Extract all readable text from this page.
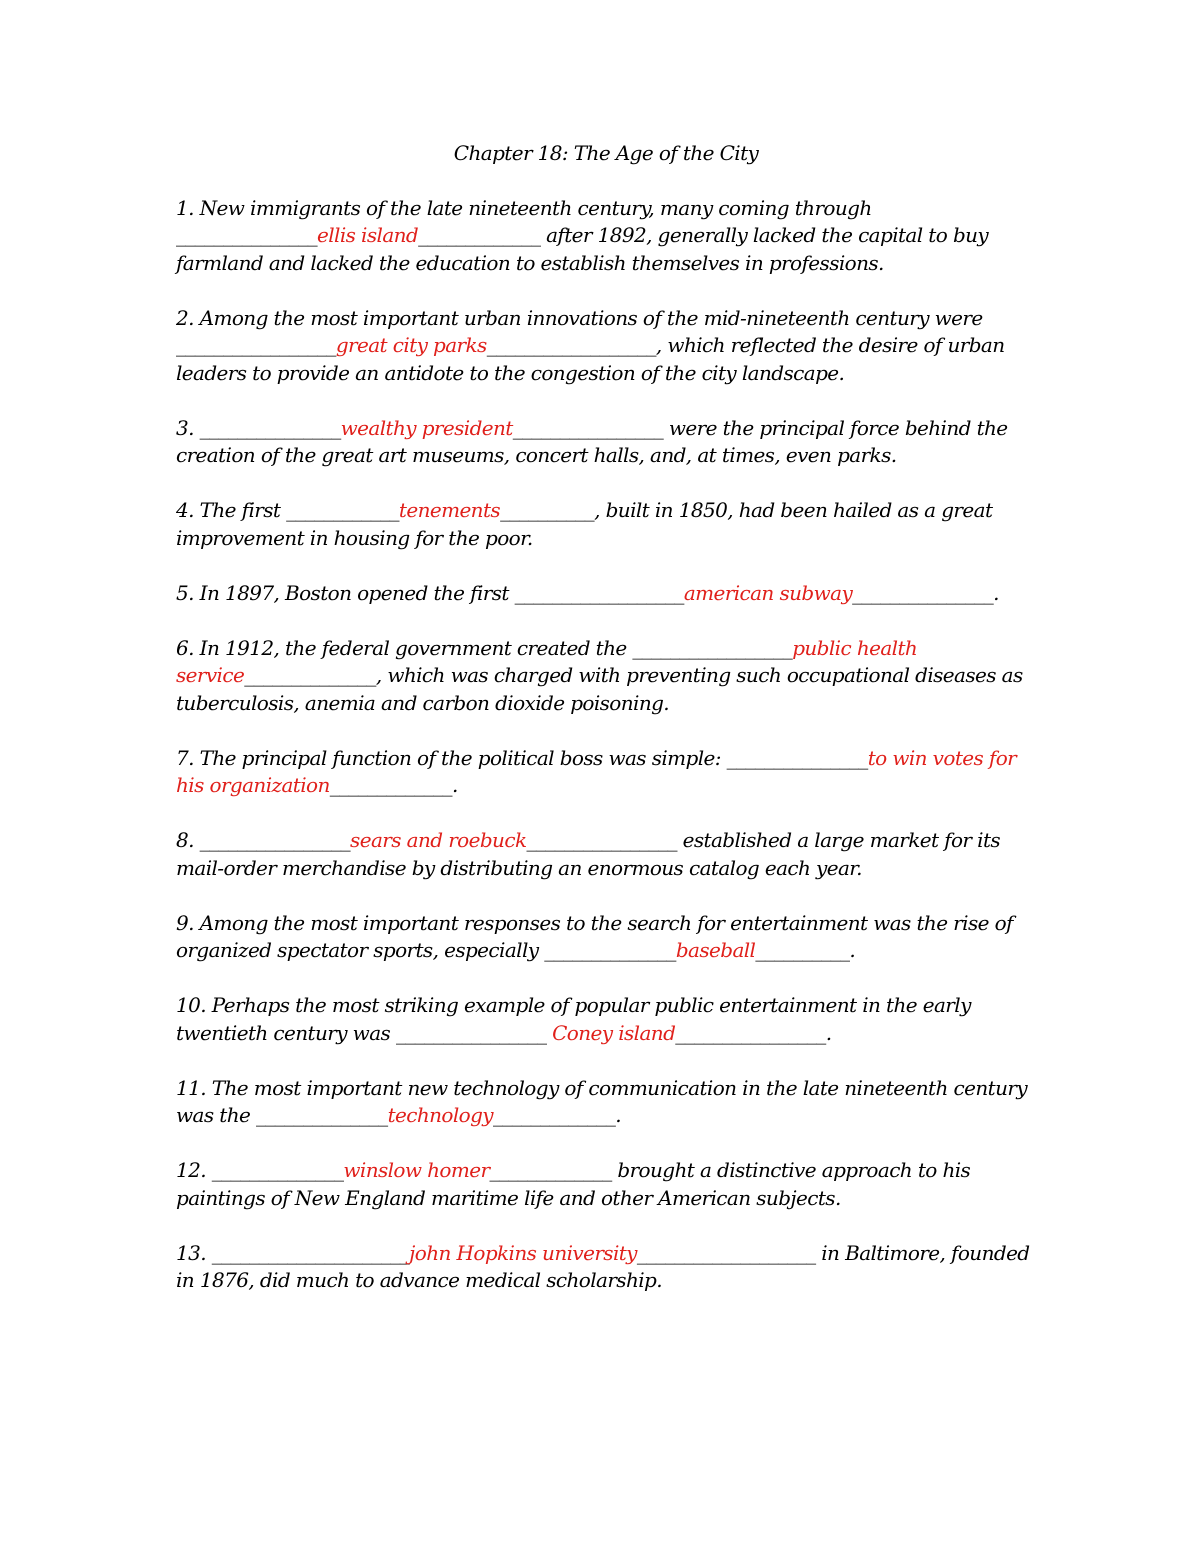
Chapter 18: The Age of the City
1. New immigrants of the late nineteenth century, many coming through _______________ellis island_____________ after 1892, generally lacked the capital to buy farmland and lacked the education to establish themselves in professions.
2. Among the most important urban innovations of the mid-nineteenth century were _________________great city parks__________________, which reflected the desire of urban leaders to provide an antidote to the congestion of the city landscape.
3. _______________wealthy president________________ were the principal force behind the creation of the great art museums, concert halls, and, at times, even parks.
4. The first ____________tenements__________, built in 1850, had been hailed as a great improvement in housing for the poor.
5. In 1897, Boston opened the first __________________american subway_______________.
6. In 1912, the federal government created the _________________public health service______________, which was charged with preventing such occupational diseases as tuberculosis, anemia and carbon dioxide poisoning.
7. The principal function of the political boss was simple: _______________to win votes for his organization_____________.
8. ________________sears and roebuck________________ established a large market for its mail-order merchandise by distributing an enormous catalog each year.
9. Among the most important responses to the search for entertainment was the rise of organized spectator sports, especially ______________baseball__________.
10. Perhaps the most striking example of popular public entertainment in the early twentieth century was ________________ Coney island________________.
11. The most important new technology of communication in the late nineteenth century was the ______________technology_____________.
12. ______________winslow homer_____________ brought a distinctive approach to his paintings of New England maritime life and other American subjects.
13. _____________________john Hopkins university___________________ in Baltimore, founded in 1876, did much to advance medical scholarship.
